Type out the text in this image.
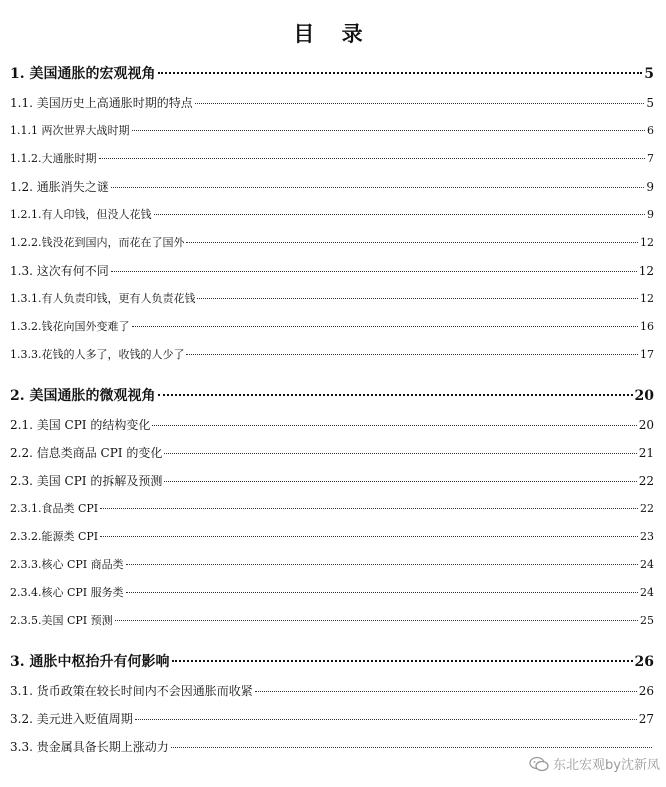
目 录
1. 美国通胀的宏观视角	5
1.1. 美国历史上高通胀时期的特点	5
1.1.1 两次世界大战时期	6
1.1.2.大通胀时期	7
1.2. 通胀消失之谜	9
1.2.1.有人印钱，但没人花钱	9
1.2.2.钱没花到国内，而花在了国外	12
1.3. 这次有何不同	12
1.3.1.有人负责印钱，更有人负责花钱	12
1.3.2.钱花向国外变难了	16
1.3.3.花钱的人多了，收钱的人少了	17
2. 美国通胀的微观视角	20
2.1. 美国 CPI 的结构变化	20
2.2. 信息类商品 CPI 的变化	21
2.3. 美国 CPI 的拆解及预测	22
2.3.1.食品类 CPI	22
2.3.2.能源类 CPI	23
2.3.3.核心 CPI 商品类	24
2.3.4.核心 CPI 服务类	24
2.3.5.美国 CPI 预测	25
3. 通胀中枢抬升有何影响	26
3.1. 货币政策在较长时间内不会因通胀而收紧	26
3.2. 美元进入贬值周期	27
3.3. 贵金属具备长期上涨动力
东北宏观by沈新凤
